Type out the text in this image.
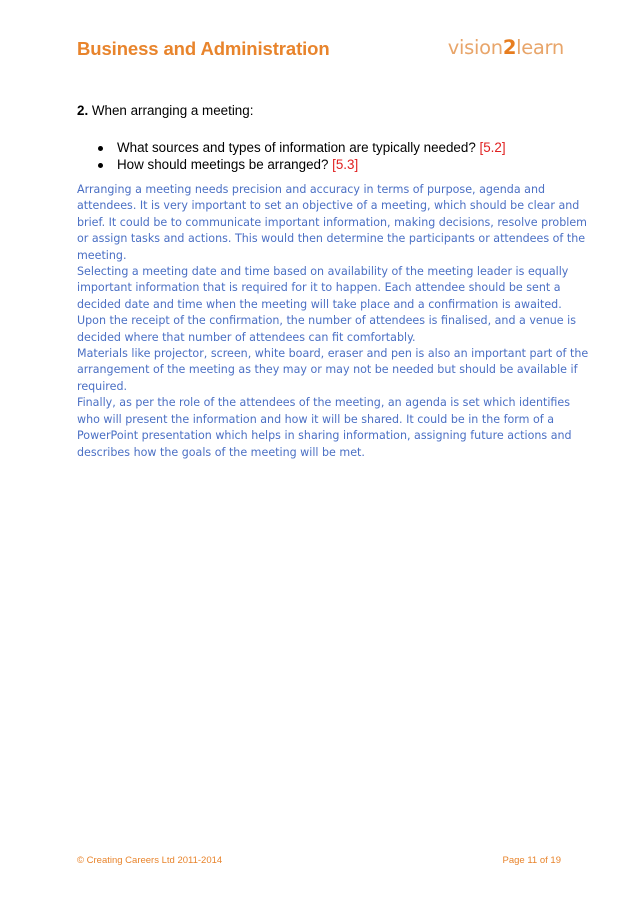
Business and Administration	vision2learn
2. When arranging a meeting:
What sources and types of information are typically needed? [5.2]
How should meetings be arranged? [5.3]

Arranging a meeting needs precision and accuracy in terms of purpose, agenda and

attendees. It is very important to set an objective of a meeting, which should be clear and

brief. It could be to communicate important information, making decisions, resolve problem

or assign tasks and actions. This would then determine the participants or attendees of the

meeting.

Selecting a meeting date and time based on availability of the meeting leader is equally

important information that is required for it to happen. Each attendee should be sent a

decided date and time when the meeting will take place and a confirmation is awaited.

Upon the receipt of the confirmation, the number of attendees is finalised, and a venue is

decided where that number of attendees can fit comfortably.

Materials like projector, screen, white board, eraser and pen is also an important part of the

arrangement of the meeting as they may or may not be needed but should be available if

required.

Finally, as per the role of the attendees of the meeting, an agenda is set which identifies

who will present the information and how it will be shared. It could be in the form of a

PowerPoint presentation which helps in sharing information, assigning future actions and

describes how the goals of the meeting will be met.

© Creating Careers Ltd 2011-2014	Page 11 of 19
